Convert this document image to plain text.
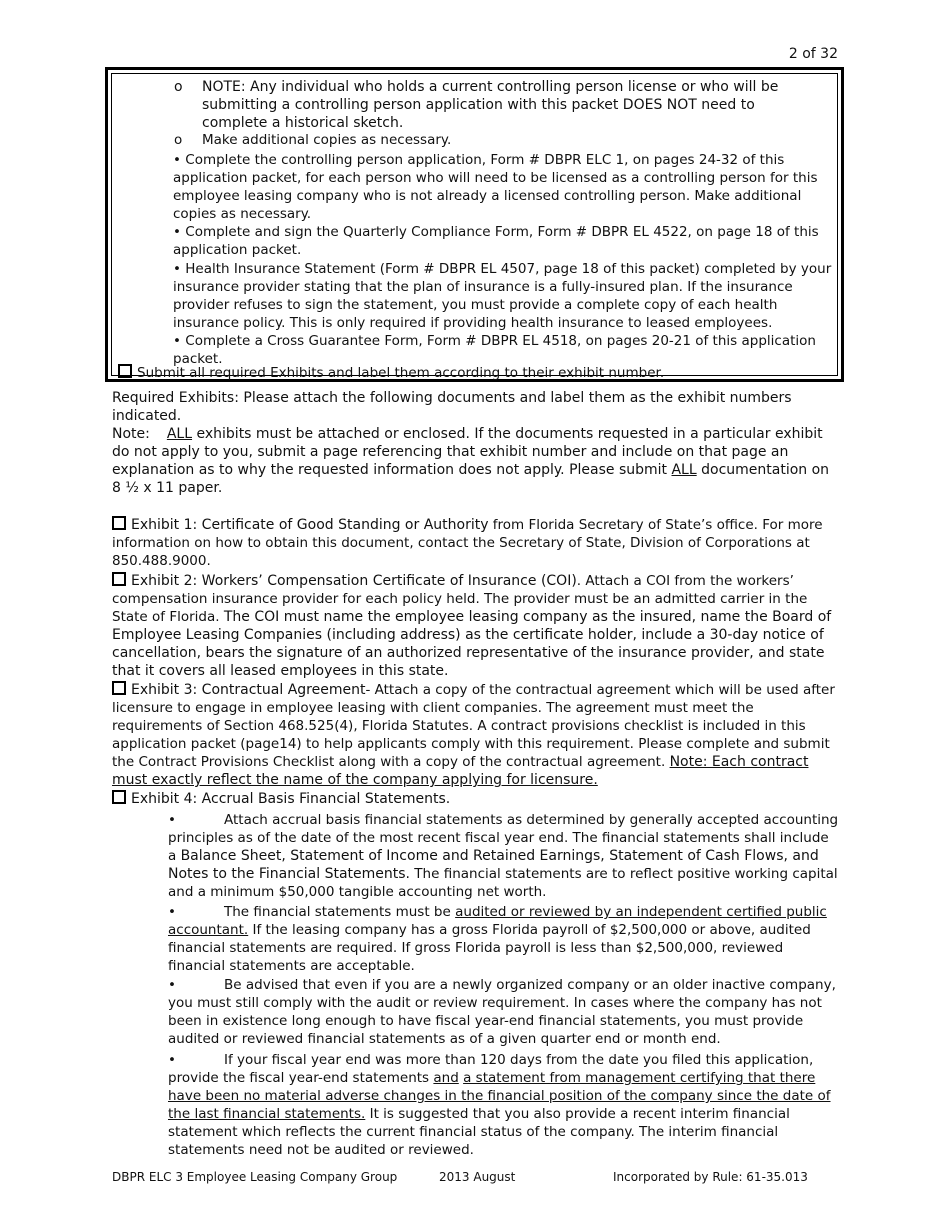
2 of 32
o NOTE: Any individual who holds a current controlling person license or who will be submitting a controlling person application with this packet DOES NOT need to complete a historical sketch.
o Make additional copies as necessary.
• Complete the controlling person application, Form # DBPR ELC 1, on pages 24-32 of this application packet, for each person who will need to be licensed as a controlling person for this employee leasing company who is not already a licensed controlling person. Make additional copies as necessary.
• Complete and sign the Quarterly Compliance Form, Form # DBPR EL 4522, on page 18 of this application packet.
• Health Insurance Statement (Form # DBPR EL 4507, page 18 of this packet) completed by your insurance provider stating that the plan of insurance is a fully-insured plan. If the insurance provider refuses to sign the statement, you must provide a complete copy of each health insurance policy. This is only required if providing health insurance to leased employees.
• Complete a Cross Guarantee Form, Form # DBPR EL 4518, on pages 20-21 of this application packet.
Submit all required Exhibits and label them according to their exhibit number.
Required Exhibits: Please attach the following documents and label them as the exhibit numbers indicated.
Note: ALL exhibits must be attached or enclosed. If the documents requested in a particular exhibit do not apply to you, submit a page referencing that exhibit number and include on that page an explanation as to why the requested information does not apply. Please submit ALL documentation on 8 ½ x 11 paper.
Exhibit 1: Certificate of Good Standing or Authority from Florida Secretary of State’s office. For more information on how to obtain this document, contact the Secretary of State, Division of Corporations at 850.488.9000.
Exhibit 2: Workers’ Compensation Certificate of Insurance (COI). Attach a COI from the workers’ compensation insurance provider for each policy held. The provider must be an admitted carrier in the State of Florida. The COI must name the employee leasing company as the insured, name the Board of Employee Leasing Companies (including address) as the certificate holder, include a 30-day notice of cancellation, bears the signature of an authorized representative of the insurance provider, and state that it covers all leased employees in this state.
Exhibit 3: Contractual Agreement- Attach a copy of the contractual agreement which will be used after licensure to engage in employee leasing with client companies. The agreement must meet the requirements of Section 468.525(4), Florida Statutes. A contract provisions checklist is included in this application packet (page14) to help applicants comply with this requirement. Please complete and submit the Contract Provisions Checklist along with a copy of the contractual agreement. Note: Each contract must exactly reflect the name of the company applying for licensure.
Exhibit 4: Accrual Basis Financial Statements.
•	Attach accrual basis financial statements as determined by generally accepted accounting principles as of the date of the most recent fiscal year end. The financial statements shall include a Balance Sheet, Statement of Income and Retained Earnings, Statement of Cash Flows, and Notes to the Financial Statements. The financial statements are to reflect positive working capital and a minimum $50,000 tangible accounting net worth.
•	The financial statements must be audited or reviewed by an independent certified public accountant. If the leasing company has a gross Florida payroll of $2,500,000 or above, audited financial statements are required. If gross Florida payroll is less than $2,500,000, reviewed financial statements are acceptable.
•	Be advised that even if you are a newly organized company or an older inactive company, you must still comply with the audit or review requirement. In cases where the company has not been in existence long enough to have fiscal year-end financial statements, you must provide audited or reviewed financial statements as of a given quarter end or month end.
•	If your fiscal year end was more than 120 days from the date you filed this application, provide the fiscal year-end statements and a statement from management certifying that there have been no material adverse changes in the financial position of the company since the date of the last financial statements. It is suggested that you also provide a recent interim financial statement which reflects the current financial status of the company. The interim financial statements need not be audited or reviewed.
DBPR ELC 3 Employee Leasing Company Group	2013 August	Incorporated by Rule: 61-35.013
